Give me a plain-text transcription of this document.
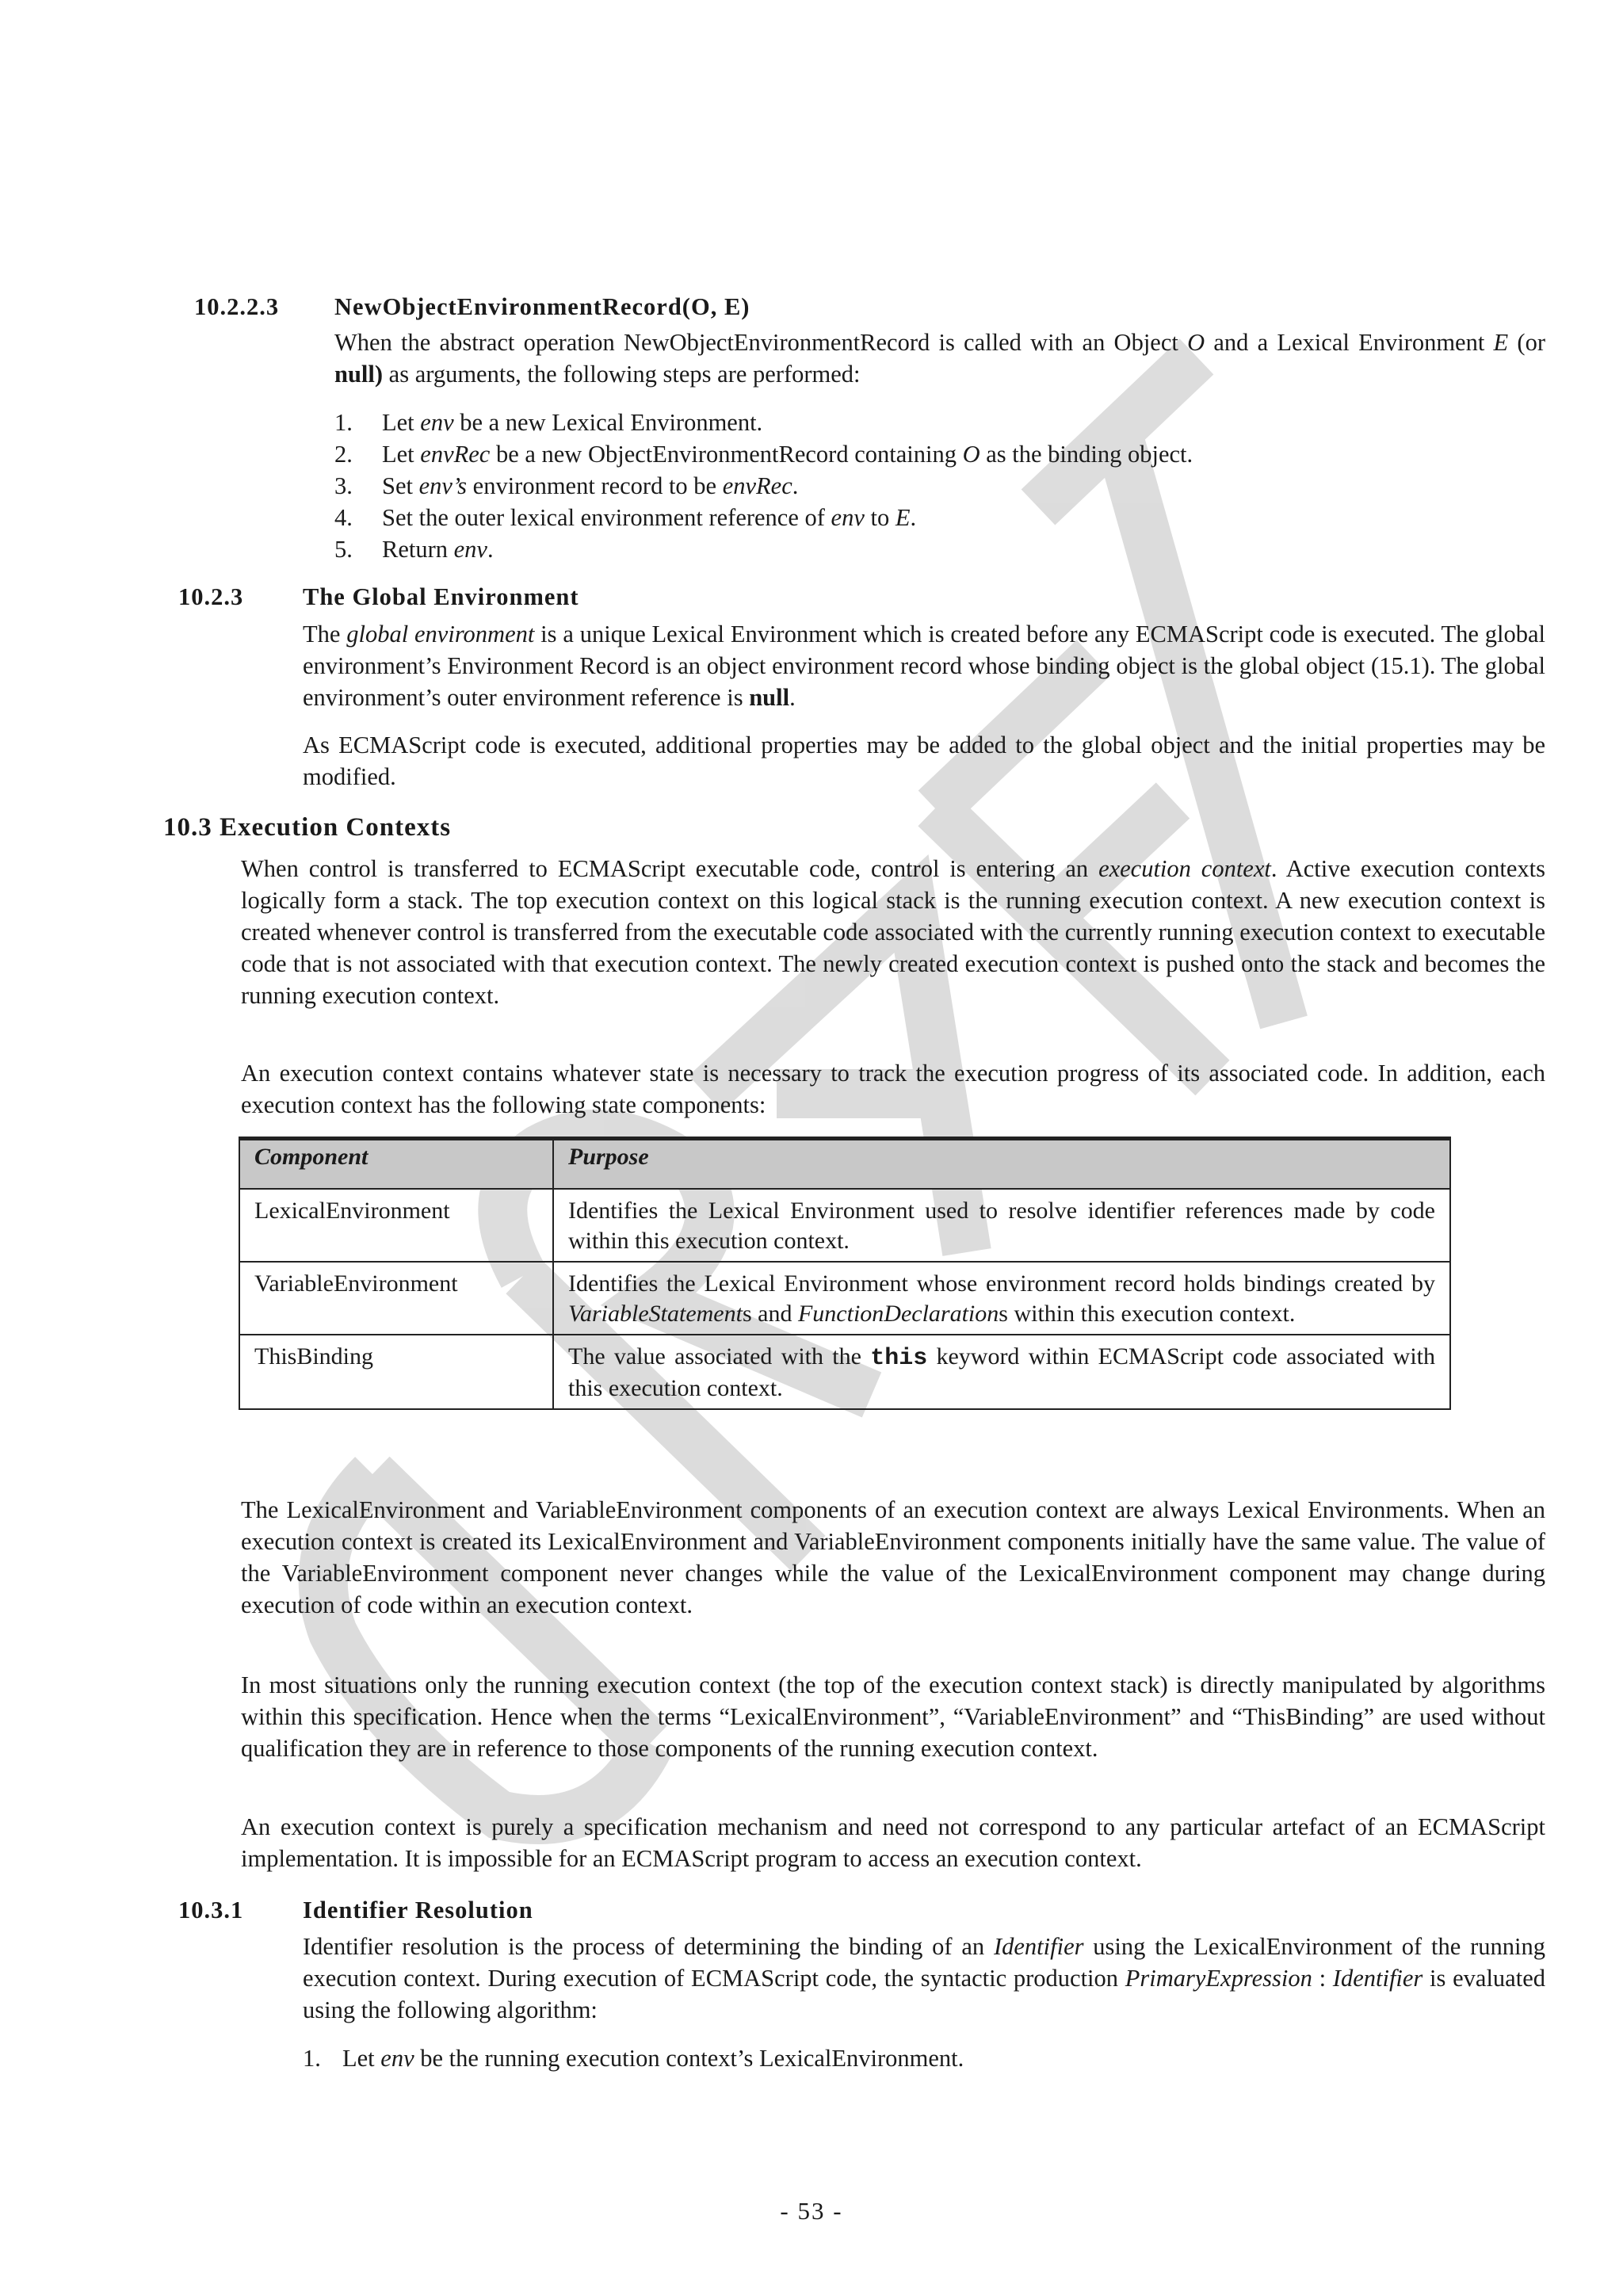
10.2.2.3 NewObjectEnvironmentRecord(O, E)

When the abstract operation NewObjectEnvironmentRecord is called with an Object O and a Lexical Environment E (or null) as arguments, the following steps are performed:

1. Let env be a new Lexical Environment.
2. Let envRec be a new ObjectEnvironmentRecord containing O as the binding object.
3. Set env’s environment record to be envRec.
4. Set the outer lexical environment reference of env to E.
5. Return env.
10.2.3 The Global Environment

The global environment is a unique Lexical Environment which is created before any ECMAScript code is executed. The global environment’s Environment Record is an object environment record whose binding object is the global object (15.1). The global environment’s outer environment reference is null.

As ECMAScript code is executed, additional properties may be added to the global object and the initial properties may be modified.

10.3 Execution Contexts

When control is transferred to ECMAScript executable code, control is entering an execution context. Active execution contexts logically form a stack. The top execution context on this logical stack is the running execution context. A new execution context is created whenever control is transferred from the executable code associated with the currently running execution context to executable code that is not associated with that execution context. The newly created execution context is pushed onto the stack and becomes the running execution context.

An execution context contains whatever state is necessary to track the execution progress of its associated code. In addition, each execution context has the following state components:

Component	Purpose
LexicalEnvironment	Identifies the Lexical Environment used to resolve identifier references made by code within this execution context.
VariableEnvironment	Identifies the Lexical Environment whose environment record holds bindings created by VariableStatements and FunctionDeclarations within this execution context.
ThisBinding	The value associated with the this keyword within ECMAScript code associated with this execution context.

The LexicalEnvironment and VariableEnvironment components of an execution context are always Lexical Environments. When an execution context is created its LexicalEnvironment and VariableEnvironment components initially have the same value. The value of the VariableEnvironment component never changes while the value of the LexicalEnvironment component may change during execution of code within an execution context.

In most situations only the running execution context (the top of the execution context stack) is directly manipulated by algorithms within this specification. Hence when the terms “LexicalEnvironment”, “VariableEnvironment” and “ThisBinding” are used without qualification they are in reference to those components of the running execution context.

An execution context is purely a specification mechanism and need not correspond to any particular artefact of an ECMAScript implementation. It is impossible for an ECMAScript program to access an execution context.

10.3.1 Identifier Resolution

Identifier resolution is the process of determining the binding of an Identifier using the LexicalEnvironment of the running execution context. During execution of ECMAScript code, the syntactic production PrimaryExpression : Identifier is evaluated using the following algorithm:

1. Let env be the running execution context’s LexicalEnvironment.
- 53 -
